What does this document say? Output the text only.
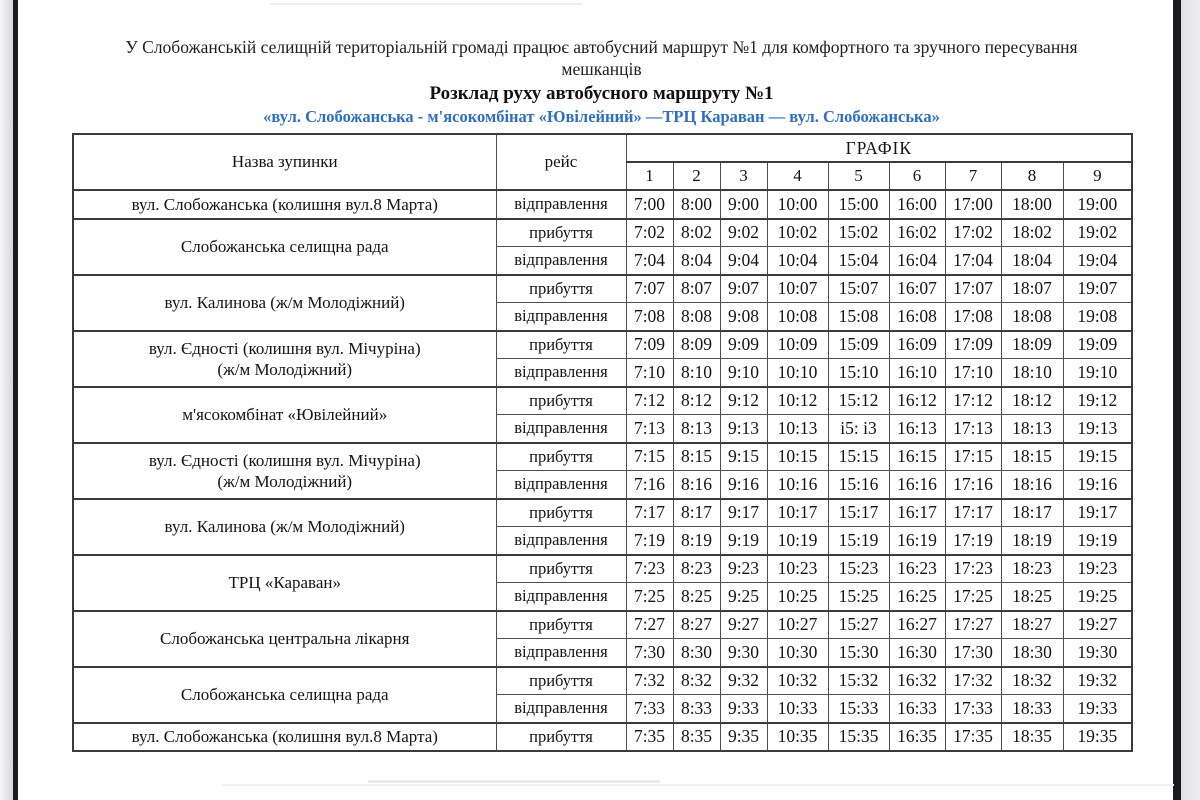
У Слобожанській селищній територіальній громаді працює автобусний маршрут №1 для комфортного та зручного пересування
мешканців
Розклад руху автобусного маршруту №1
«вул. Слобожанська - м'ясокомбінат «Ювілейний» —ТРЦ Караван — вул. Слобожанська»
Назва зупинки	рейс	ГРАФІК								
		1	2	3	4	5	6	7	8	9
вул. Слобожанська (колишня вул.8 Марта)	відправлення	7:00	8:00	9:00	10:00	15:00	16:00	17:00	18:00	19:00
Слобожанська селищна рада	прибуття	7:02	8:02	9:02	10:02	15:02	16:02	17:02	18:02	19:02
	відправлення	7:04	8:04	9:04	10:04	15:04	16:04	17:04	18:04	19:04
вул. Калинова (ж/м Молодіжний)	прибуття	7:07	8:07	9:07	10:07	15:07	16:07	17:07	18:07	19:07
	відправлення	7:08	8:08	9:08	10:08	15:08	16:08	17:08	18:08	19:08

вул. Єдності (колишня вул. Мічуріна)
(ж/м Молодіжний)	прибуття	7:09	8:09	9:09	10:09	15:09	16:09	17:09	18:09	19:09
	відправлення	7:10	8:10	9:10	10:10	15:10	16:10	17:10	18:10	19:10
м'ясокомбінат «Ювілейний»	прибуття	7:12	8:12	9:12	10:12	15:12	16:12	17:12	18:12	19:12
	відправлення	7:13	8:13	9:13	10:13	i5: i3	16:13	17:13	18:13	19:13

вул. Єдності (колишня вул. Мічуріна)
(ж/м Молодіжний)	прибуття	7:15	8:15	9:15	10:15	15:15	16:15	17:15	18:15	19:15
	відправлення	7:16	8:16	9:16	10:16	15:16	16:16	17:16	18:16	19:16
вул. Калинова (ж/м Молодіжний)	прибуття	7:17	8:17	9:17	10:17	15:17	16:17	17:17	18:17	19:17
	відправлення	7:19	8:19	9:19	10:19	15:19	16:19	17:19	18:19	19:19
ТРЦ «Караван»	прибуття	7:23	8:23	9:23	10:23	15:23	16:23	17:23	18:23	19:23
	відправлення	7:25	8:25	9:25	10:25	15:25	16:25	17:25	18:25	19:25
Слобожанська центральна лікарня	прибуття	7:27	8:27	9:27	10:27	15:27	16:27	17:27	18:27	19:27
	відправлення	7:30	8:30	9:30	10:30	15:30	16:30	17:30	18:30	19:30
Слобожанська селищна рада	прибуття	7:32	8:32	9:32	10:32	15:32	16:32	17:32	18:32	19:32
	відправлення	7:33	8:33	9:33	10:33	15:33	16:33	17:33	18:33	19:33
вул. Слобожанська (колишня вул.8 Марта)	прибуття	7:35	8:35	9:35	10:35	15:35	16:35	17:35	18:35	19:35
